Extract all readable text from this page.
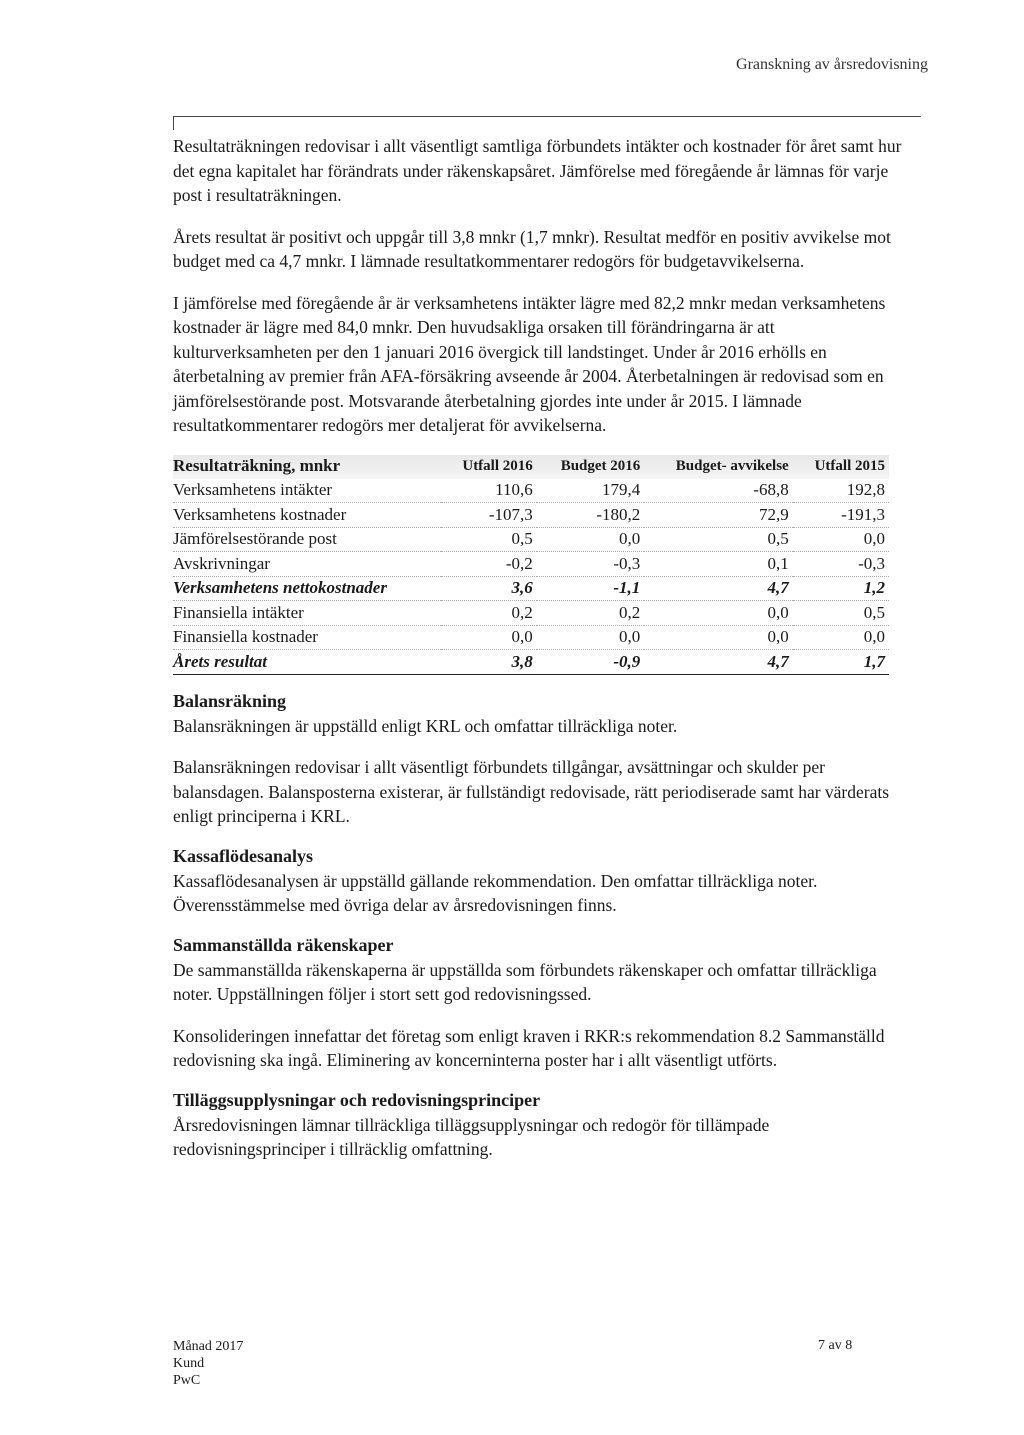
Granskning av årsredovisning

Resultaträkningen redovisar i allt väsentligt samtliga förbundets intäkter och kostnader för året samt hur det egna kapitalet har förändrats under räkenskapsåret. Jämförelse med föregående år lämnas för varje post i resultaträkningen.

Årets resultat är positivt och uppgår till 3,8 mnkr (1,7 mnkr). Resultat medför en positiv avvikelse mot budget med ca 4,7 mnkr. I lämnade resultatkommentarer redogörs för budgetavvikelserna.

I jämförelse med föregående år är verksamhetens intäkter lägre med 82,2 mnkr medan verksamhetens kostnader är lägre med 84,0 mnkr. Den huvudsakliga orsaken till förändringarna är att kulturverksamheten per den 1 januari 2016 övergick till landstinget. Under år 2016 erhölls en återbetalning av premier från AFA-försäkring avseende år 2004. Återbetalningen är redovisad som en jämförelsestörande post. Motsvarande återbetalning gjordes inte under år 2015. I lämnade resultatkommentarer redogörs mer detaljerat för avvikelserna.

Resultaträkning, mnkr	Utfall 2016	Budget 2016	Budget- avvikelse	Utfall 2015
Verksamhetens intäkter	110,6	179,4	-68,8	192,8
Verksamhetens kostnader	-107,3	-180,2	72,9	-191,3
Jämförelsestörande post	0,5	0,0	0,5	0,0
Avskrivningar	-0,2	-0,3	0,1	-0,3
Verksamhetens nettokostnader	3,6	-1,1	4,7	1,2
Finansiella intäkter	0,2	0,2	0,0	0,5
Finansiella kostnader	0,0	0,0	0,0	0,0
Årets resultat	3,8	-0,9	4,7	1,7
Balansräkning

Balansräkningen är uppställd enligt KRL och omfattar tillräckliga noter.

Balansräkningen redovisar i allt väsentligt förbundets tillgångar, avsättningar och skulder per balansdagen. Balansposterna existerar, är fullständigt redovisade, rätt periodiserade samt har värderats enligt principerna i KRL.

Kassaflödesanalys

Kassaflödesanalysen är uppställd gällande rekommendation. Den omfattar tillräckliga noter. Överensstämmelse med övriga delar av årsredovisningen finns.

Sammanställda räkenskaper

De sammanställda räkenskaperna är uppställda som förbundets räkenskaper och omfattar tillräckliga noter. Uppställningen följer i stort sett god redovisningssed.

Konsolideringen innefattar det företag som enligt kraven i RKR:s rekommendation 8.2 Sammanställd redovisning ska ingå. Eliminering av koncerninterna poster har i allt väsentligt utförts.

Tilläggsupplysningar och redovisningsprinciper

Årsredovisningen lämnar tillräckliga tilläggsupplysningar och redogör för tillämpade redovisningsprinciper i tillräcklig omfattning.

Månad 2017
Kund
PwC
7 av 8
